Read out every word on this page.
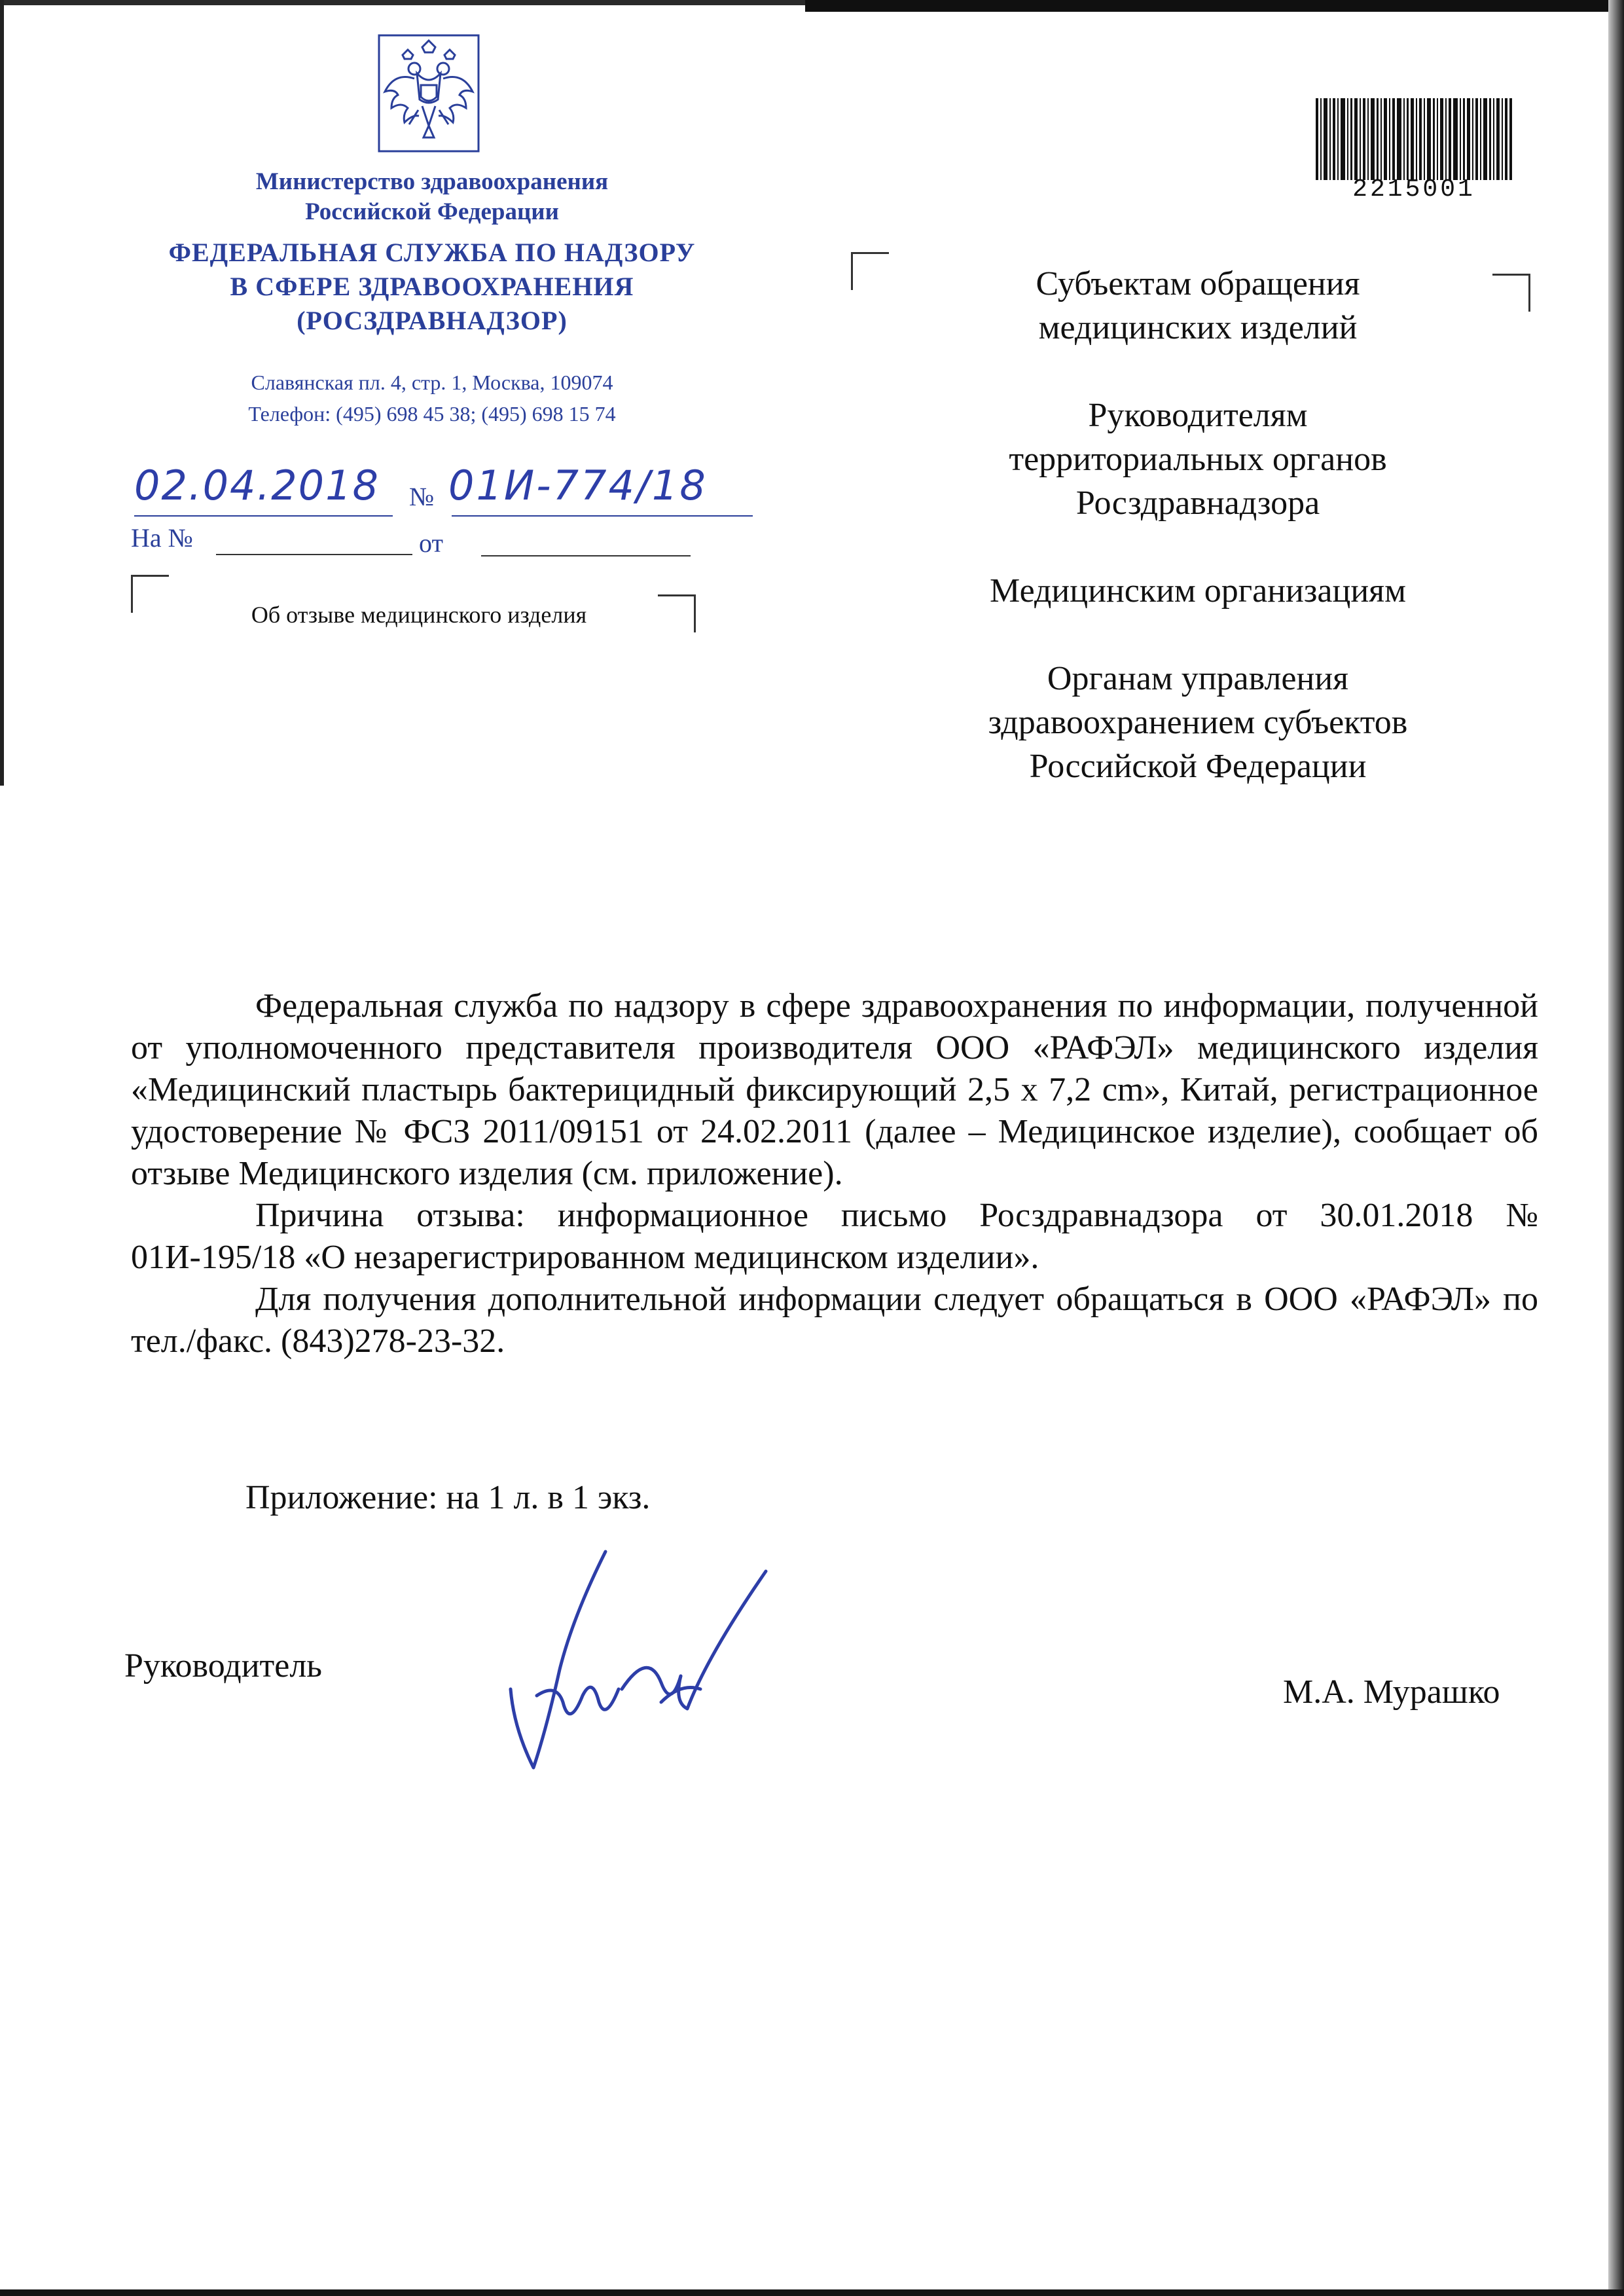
Министерство здравоохранения
Российской Федерации
ФЕДЕРАЛЬНАЯ СЛУЖБА ПО НАДЗОРУ
В СФЕРЕ ЗДРАВООХРАНЕНИЯ
(РОСЗДРАВНАДЗОР)
Славянская пл. 4, стр. 1, Москва, 109074
Телефон: (495) 698 45 38; (495) 698 15 74
02.04.2018 № 01И-774/18
На №	от
Об отзыве медицинского изделия
2215001
Субъектам обращения медицинских изделий
Руководителям территориальных органов Росздравнадзора
Медицинским организациям
Органам управления здравоохранением субъектов Российской Федерации

Федеральная служба по надзору в сфере здравоохранения по информации, полученной от уполномоченного представителя производителя ООО «РАФЭЛ» медицинского изделия «Медицинский пластырь бактерицидный фиксирующий 2,5 x 7,2 cm», Китай, регистрационное удостоверение № ФСЗ 2011/09151 от 24.02.2011 (далее – Медицинское изделие), сообщает об отзыве Медицинского изделия (см. приложение).

Причина отзыва: информационное письмо Росздравнадзора от 30.01.2018 № 01И-195/18 «О незарегистрированном медицинском изделии».

Для получения дополнительной информации следует обращаться в ООО «РАФЭЛ» по тел./факс. (843)278-23-32.

Приложение: на 1 л. в 1 экз.
Руководитель
М.А. Мурашко
